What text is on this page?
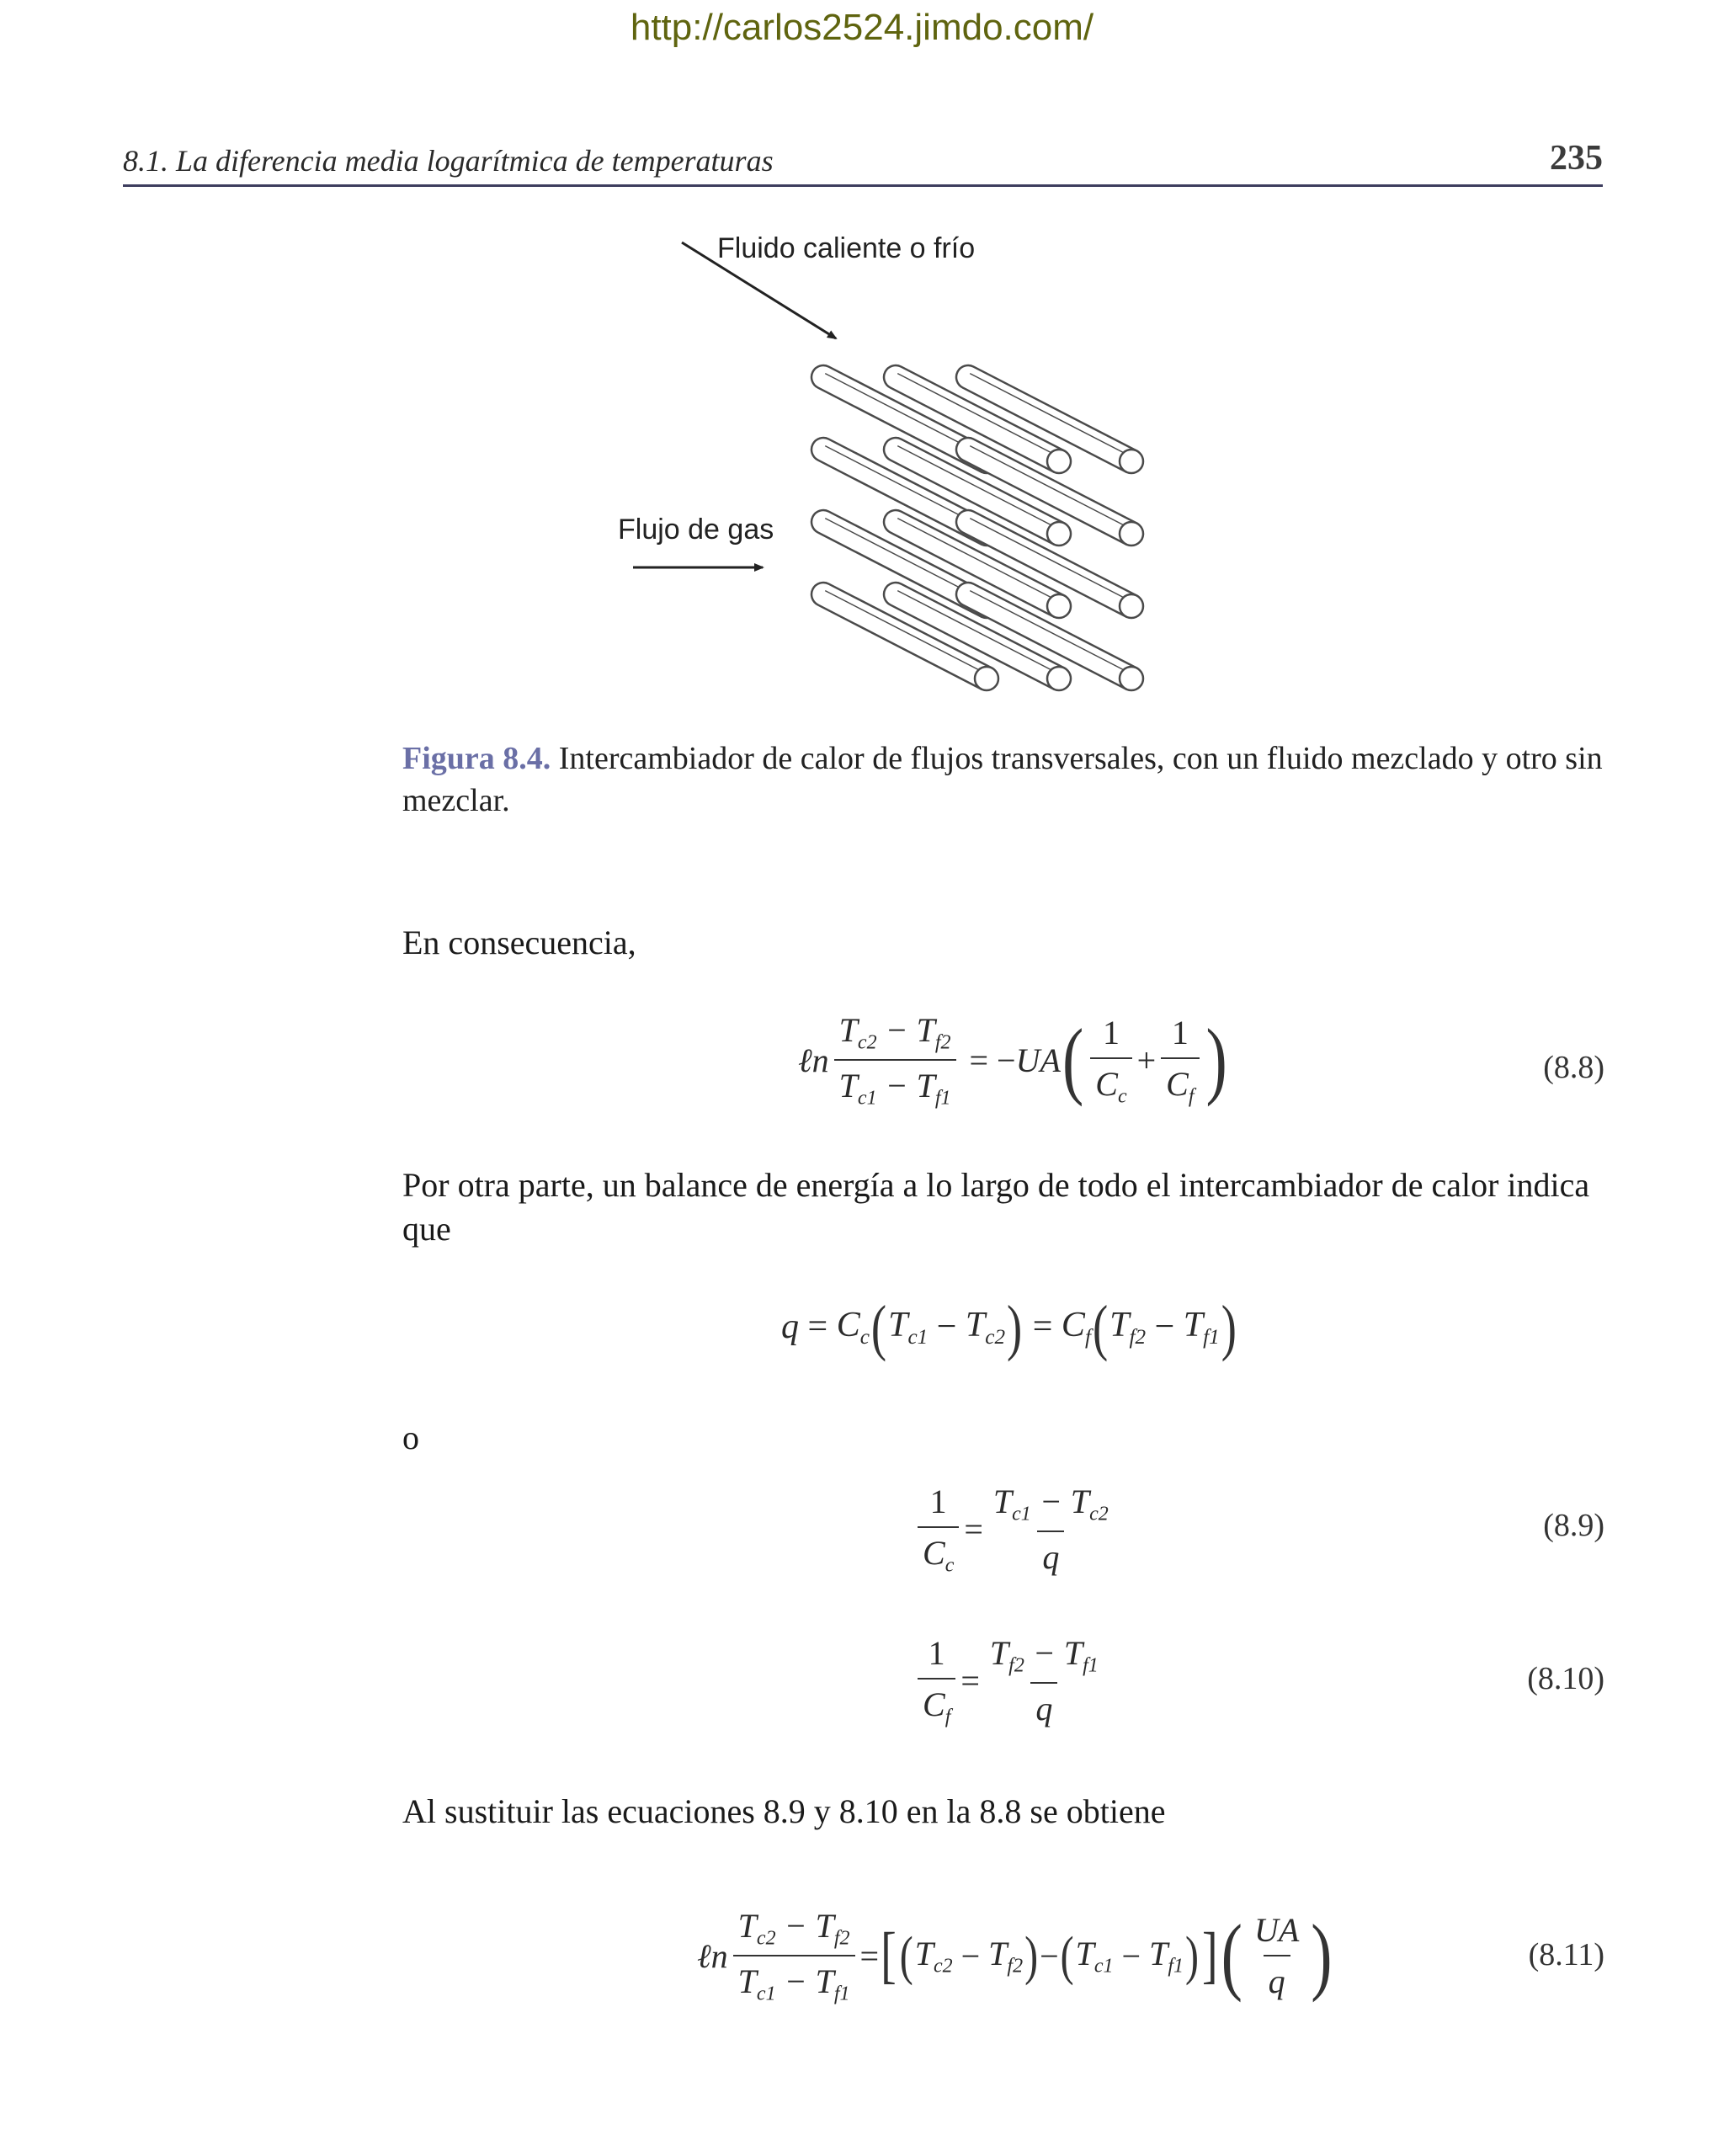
http://carlos2524.jimdo.com/
8.1. La diferencia media logarítmica de temperaturas	235
Fluido caliente o frío
Flujo de gas
Figura 8.4. Intercambiador de calor de flujos transversales, con un fluido mezclado y otro sin mezclar.
En consecuencia,
ℓn $\frac{T_{c2} - T_{f2}}{T_{c1} - T_{f1}}$ = − UA ( $\frac{1}{C_c} + \frac{1}{C_f}$ )	(8.8)
Por otra parte, un balance de energía a lo largo de todo el intercambiador de calor indica que
$q = C_c$ ( $T_{c1} - T_{c2}$ ) = $C_f$ ( $T_{f2} - T_{f1}$ )
o
$\frac{1}{C_c} = \frac{T_{c1} - T_{c2}}{q}$	(8.9)
$\frac{1}{C_f} = \frac{T_{f2} - T_{f1}}{q}$	(8.10)
Al sustituir las ecuaciones 8.9 y 8.10 en la 8.8 se obtiene
ℓn $\frac{T_{c2} - T_{f2}}{T_{c1} - T_{f1}}$ = [ ( $T_{c2} - T_{f2}$ ) − ( $T_{c1} - T_{f1}$ ) ] ( $\frac{UA}{q}$ )	(8.11)
